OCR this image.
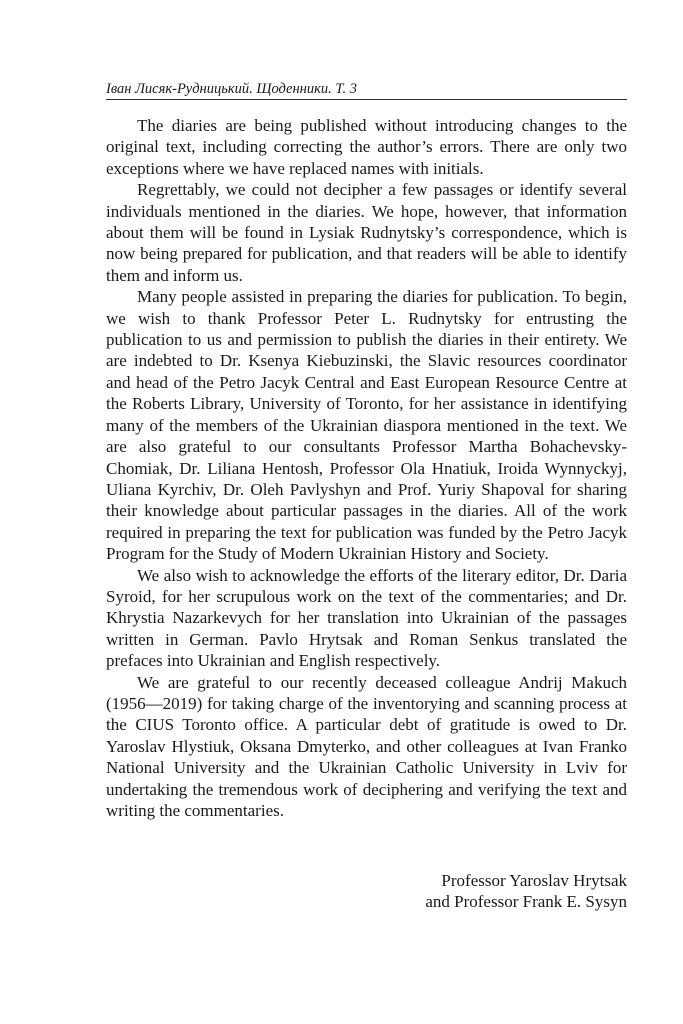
Іван Лисяк-Рудницький. Щоденники. Т. 3

The diaries are being published without introducing changes to the original text, including correcting the author’s errors. There are only two exceptions where we have replaced names with initials.

Regrettably, we could not decipher a few passages or identify several individuals mentioned in the diaries. We hope, however, that information about them will be found in Lysiak Rudnytsky’s correspondence, which is now being prepared for publication, and that readers will be able to identify them and inform us.

Many people assisted in preparing the diaries for publication. To begin, we wish to thank Professor Peter L. Rudnytsky for entrusting the publication to us and permission to publish the diaries in their entirety. We are indebted to Dr. Ksenya Kiebuzinski, the Slavic resources coordinator and head of the Petro Jacyk Central and East European Resource Centre at the Roberts Library, University of Toronto, for her assistance in identifying many of the members of the Ukrainian diaspora mentioned in the text. We are also grateful to our consultants Professor Martha Bohachevsky-Chomiak, Dr. Liliana Hentosh, Professor Ola Hnatiuk, Iroida Wynnyckyj, Uliana Kyrchiv, Dr. Oleh Pavlyshyn and Prof. Yuriy Shapoval for sharing their knowledge about particular passages in the diaries. All of the work required in preparing the text for publication was funded by the Petro Jacyk Program for the Study of Modern Ukrainian History and Society.

We also wish to acknowledge the efforts of the literary editor, Dr. Daria Syroid, for her scrupulous work on the text of the commentaries; and Dr. Khrystia Nazarkevych for her translation into Ukrainian of the passages written in German. Pavlo Hrytsak and Roman Senkus translated the prefaces into Ukrainian and English respectively.

We are grateful to our recently deceased colleague Andrij Makuch (1956—2019) for taking charge of the inventorying and scanning process at the CIUS Toronto office. A particular debt of gratitude is owed to Dr. Yaroslav Hlystiuk, Oksana Dmyterko, and other colleagues at Ivan Franko National University and the Ukrainian Catholic University in Lviv for undertaking the tremendous work of deciphering and verifying the text and writing the commentaries.

Professor Yaroslav Hrytsak
and Professor Frank E. Sysyn
